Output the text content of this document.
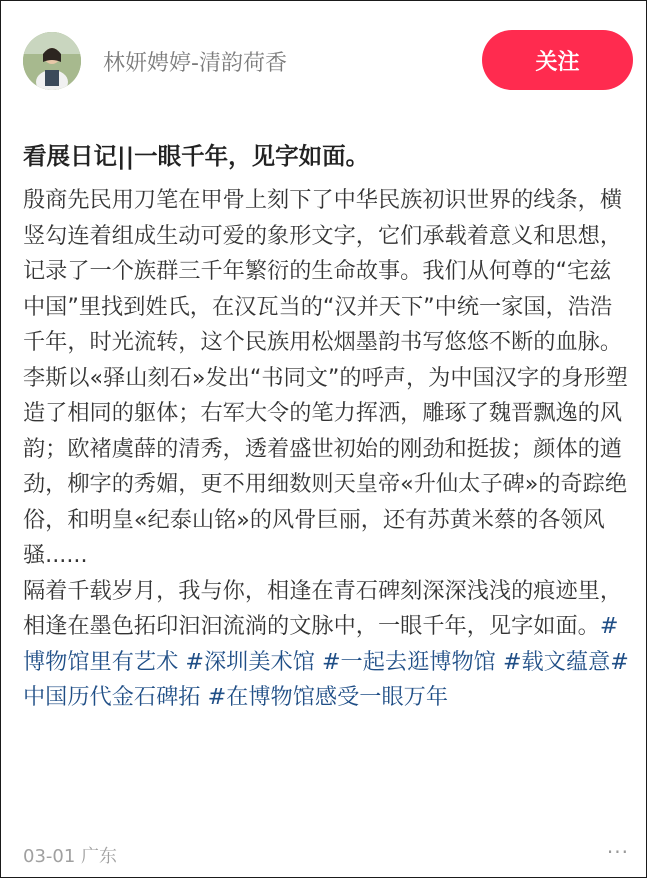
林妍娉婷-清韵荷香	关注
看展日记||一眼千年，见字如面。

殷商先民用刀笔在甲骨上刻下了中华民族初识世界的线条，横竖勾连着组成生动可爱的象形文字，它们承载着意义和思想，记录了一个族群三千年繁衍的生命故事。我们从何尊的“宅兹中国”里找到姓氏，在汉瓦当的“汉并天下”中统一家国，浩浩千年，时光流转，这个民族用松烟墨韵书写悠悠不断的血脉。李斯以«驿山刻石»发出“书同文”的呼声，为中国汉字的身形塑造了相同的躯体；右军大令的笔力挥洒，雕琢了魏晋飘逸的风韵；欧褚虞薛的清秀，透着盛世初始的刚劲和挺拔；颜体的遒劲，柳字的秀媚，更不用细数则天皇帝«升仙太子碑»的奇踪绝俗，和明皇«纪泰山铭»的风骨巨丽，还有苏黄米蔡的各领风骚......

隔着千载岁月，我与你，相逢在青石碑刻深深浅浅的痕迹里，相逢在墨色拓印汩汩流淌的文脉中，一眼千年，见字如面。#博物馆里有艺术 #深圳美术馆 #一起去逛博物馆 #载文蕴意#中国历代金石碑拓 #在博物馆感受一眼万年

03-01 广东	···
